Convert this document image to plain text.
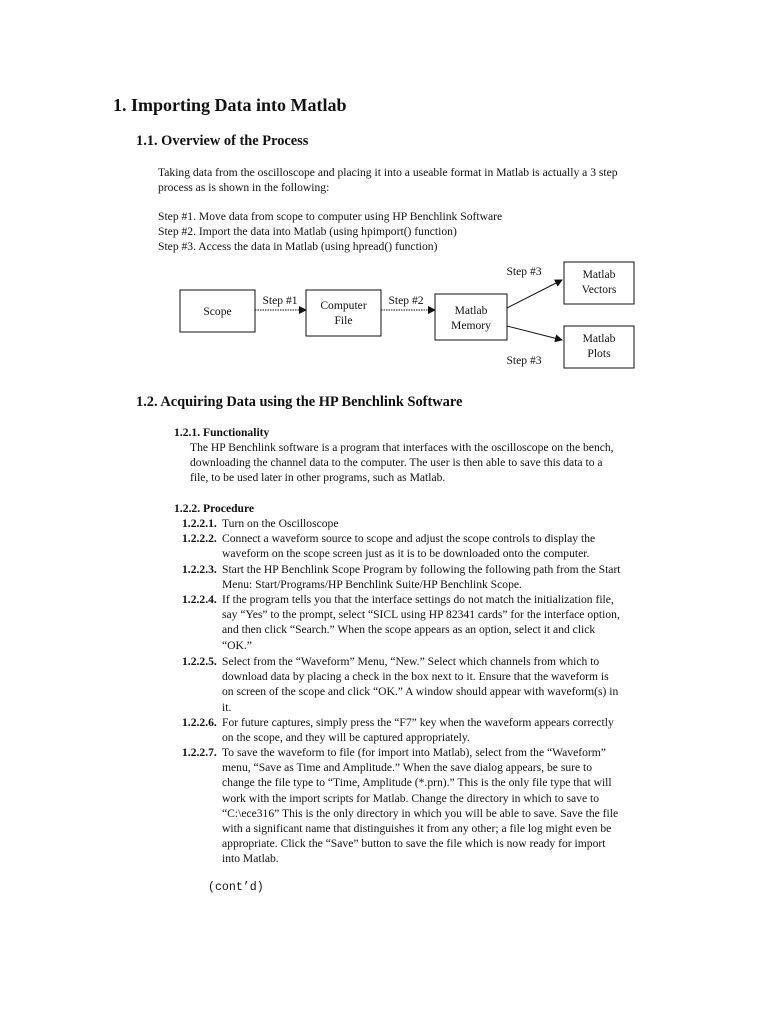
1. Importing Data into Matlab
1.1. Overview of the Process
Taking data from the oscilloscope and placing it into a useable format in Matlab is actually a 3 step
process as is shown in the following:
Step #1. Move data from scope to computer using HP Benchlink Software
Step #2. Import the data into Matlab (using hpimport() function)
Step #3. Access the data in Matlab (using hpread() function)
Scope
Step #1 Computer
File
Step #2
Matlab
Memory
Step #3
Step #3
Matlab
Vectors
Matlab
Plots
1.2. Acquiring Data using the HP Benchlink Software
1.2.1. Functionality
The HP Benchlink software is a program that interfaces with the oscilloscope on the bench,
downloading the channel data to the computer. The user is then able to save this data to a
file, to be used later in other programs, such as Matlab.
1.2.2. Procedure
1.2.2.1. Turn on the Oscilloscope

1.2.2.2. Connect a waveform source to scope and adjust the scope controls to display the

waveform on the scope screen just as it is to be downloaded onto the computer.

1.2.2.3. Start the HP Benchlink Scope Program by following the following path from the Start

Menu: Start/Programs/HP Benchlink Suite/HP Benchlink Scope.

1.2.2.4. If the program tells you that the interface settings do not match the initialization file,

say “Yes” to the prompt, select “SICL using HP 82341 cards” for the interface option,

and then click “Search.” When the scope appears as an option, select it and click

“OK.”

1.2.2.5. Select from the “Waveform” Menu, “New.” Select which channels from which to

download data by placing a check in the box next to it. Ensure that the waveform is

on screen of the scope and click “OK.” A window should appear with waveform(s) in

it.

1.2.2.6. For future captures, simply press the “F7” key when the waveform appears correctly

on the scope, and they will be captured appropriately.

1.2.2.7. To save the waveform to file (for import into Matlab), select from the “Waveform”

menu, “Save as Time and Amplitude.” When the save dialog appears, be sure to

change the file type to “Time, Amplitude (*.prn).” This is the only file type that will

work with the import scripts for Matlab. Change the directory in which to save to

“C:\ece316” This is the only directory in which you will be able to save. Save the file

with a significant name that distinguishes it from any other; a file log might even be

appropriate. Click the “Save” button to save the file which is now ready for import

into Matlab.

(cont’d)
